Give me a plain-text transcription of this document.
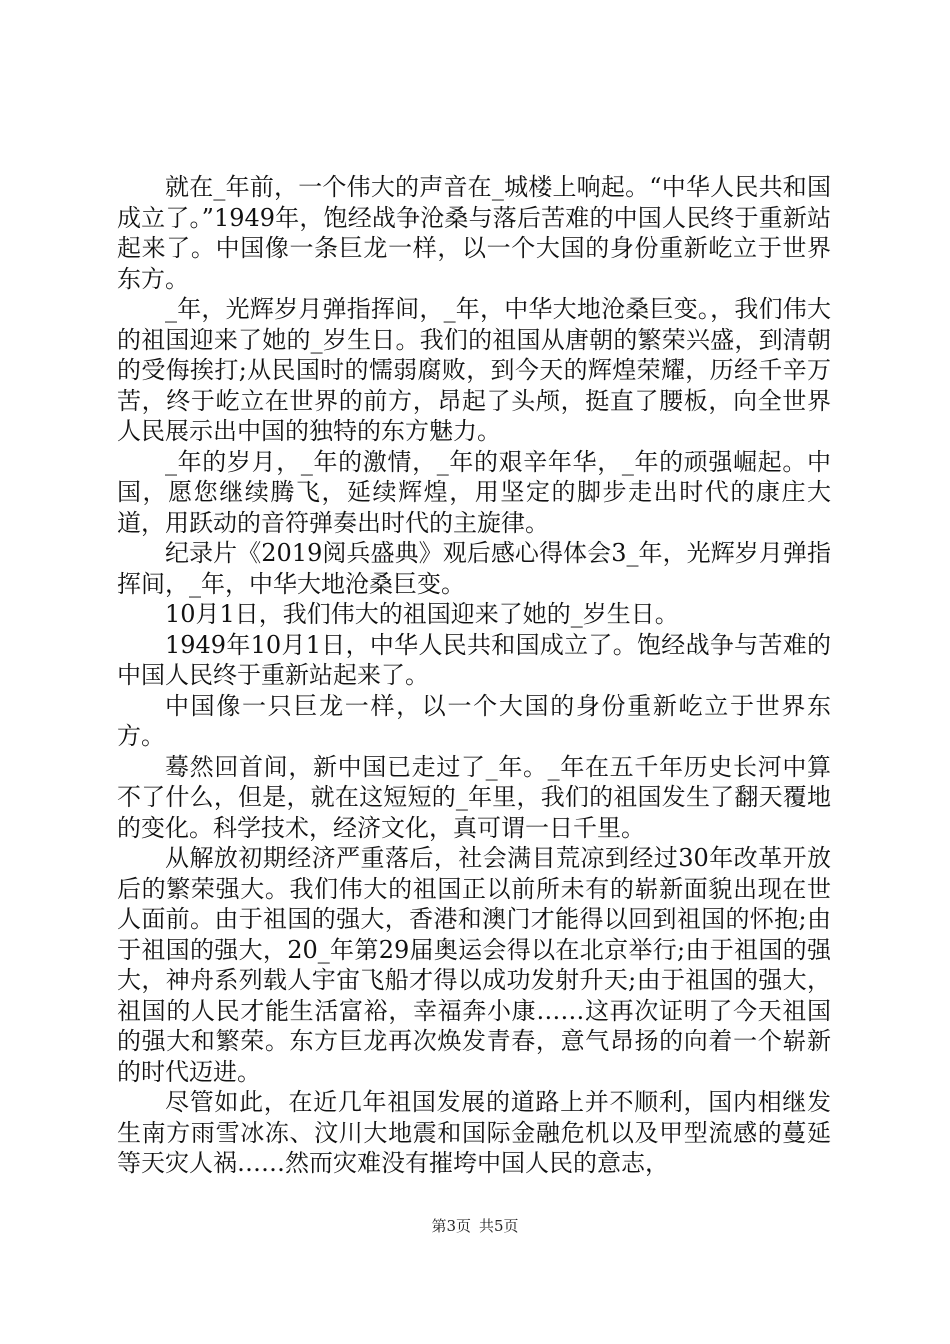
就在_年前，一个伟大的声音在_城楼上响起。“中华人民共和国成立了。”1949年，饱经战争沧桑与落后苦难的中国人民终于重新站起来了。中国像一条巨龙一样，以一个大国的身份重新屹立于世界东方。

_年，光辉岁月弹指挥间，_年，中华大地沧桑巨变。，我们伟大的祖国迎来了她的_岁生日。我们的祖国从唐朝的繁荣兴盛，到清朝的受侮挨打;从民国时的懦弱腐败，到今天的辉煌荣耀，历经千辛万苦，终于屹立在世界的前方，昂起了头颅，挺直了腰板，向全世界人民展示出中国的独特的东方魅力。

_年的岁月，_年的激情，_年的艰辛年华，_年的顽强崛起。中国，愿您继续腾飞，延续辉煌，用坚定的脚步走出时代的康庄大道，用跃动的音符弹奏出时代的主旋律。

纪录片《2019阅兵盛典》观后感心得体会3_年，光辉岁月弹指挥间，_年，中华大地沧桑巨变。

10月1日，我们伟大的祖国迎来了她的_岁生日。

1949年10月1日，中华人民共和国成立了。饱经战争与苦难的中国人民终于重新站起来了。

中国像一只巨龙一样，以一个大国的身份重新屹立于世界东方。

蓦然回首间，新中国已走过了_年。_年在五千年历史长河中算不了什么，但是，就在这短短的_年里，我们的祖国发生了翻天覆地的变化。科学技术，经济文化，真可谓一日千里。

从解放初期经济严重落后，社会满目荒凉到经过30年改革开放后的繁荣强大。我们伟大的祖国正以前所未有的崭新面貌出现在世人面前。由于祖国的强大，香港和澳门才能得以回到祖国的怀抱;由于祖国的强大，20_年第29届奥运会得以在北京举行;由于祖国的强大，神舟系列载人宇宙飞船才得以成功发射升天;由于祖国的强大，祖国的人民才能生活富裕，幸福奔小康……这再次证明了今天祖国的强大和繁荣。东方巨龙再次焕发青春，意气昂扬的向着一个崭新的时代迈进。

尽管如此，在近几年祖国发展的道路上并不顺利，国内相继发生南方雨雪冰冻、汶川大地震和国际金融危机以及甲型流感的蔓延等天灾人祸……然而灾难没有摧垮中国人民的意志，

第3页 共5页
